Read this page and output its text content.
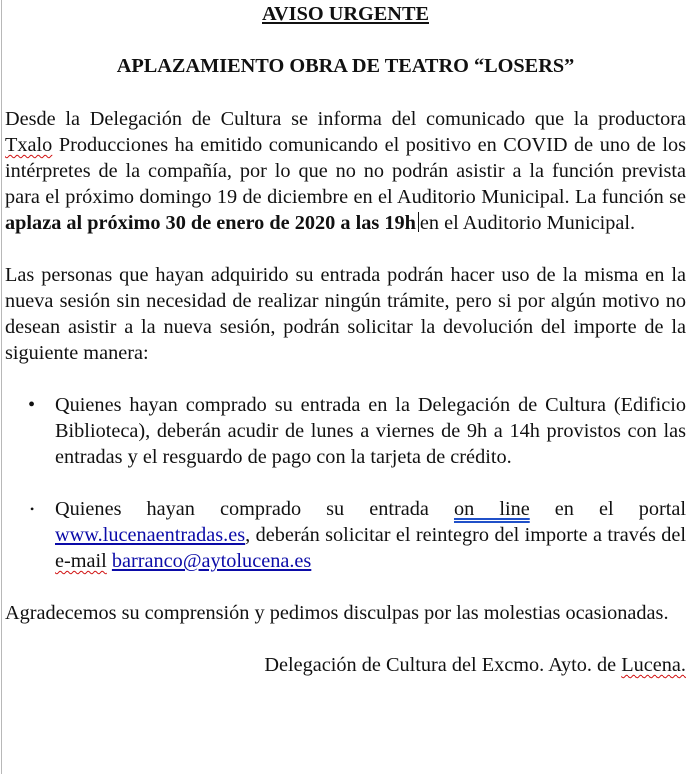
AVISO URGENTE
APLAZAMIENTO OBRA DE TEATRO “LOSERS”

Desde la Delegación de Cultura se informa del comunicado que la productora Txalo Producciones ha emitido comunicando el positivo en COVID de uno de los intérpretes de la compañía, por lo que no no podrán asistir a la función prevista para el próximo domingo 19 de diciembre en el Auditorio Municipal. La función se aplaza al próximo 30 de enero de 2020 a las 19h en el Auditorio Municipal.

Las personas que hayan adquirido su entrada podrán hacer uso de la misma en la nueva sesión sin necesidad de realizar ningún trámite, pero si por algún motivo no desean asistir a la nueva sesión, podrán solicitar la devolución del importe de la siguiente manera:

• Quienes hayan comprado su entrada en la Delegación de Cultura (Edificio Biblioteca), deberán acudir de lunes a viernes de 9h a 14h provistos con las entradas y el resguardo de pago con la tarjeta de crédito.
• Quienes hayan comprado su entrada on line en el portal www.lucenaentradas.es, deberán solicitar el reintegro del importe a través del e-mail barranco@aytolucena.es

Agradecemos su comprensión y pedimos disculpas por las molestias ocasionadas.

Delegación de Cultura del Excmo. Ayto. de Lucena.
